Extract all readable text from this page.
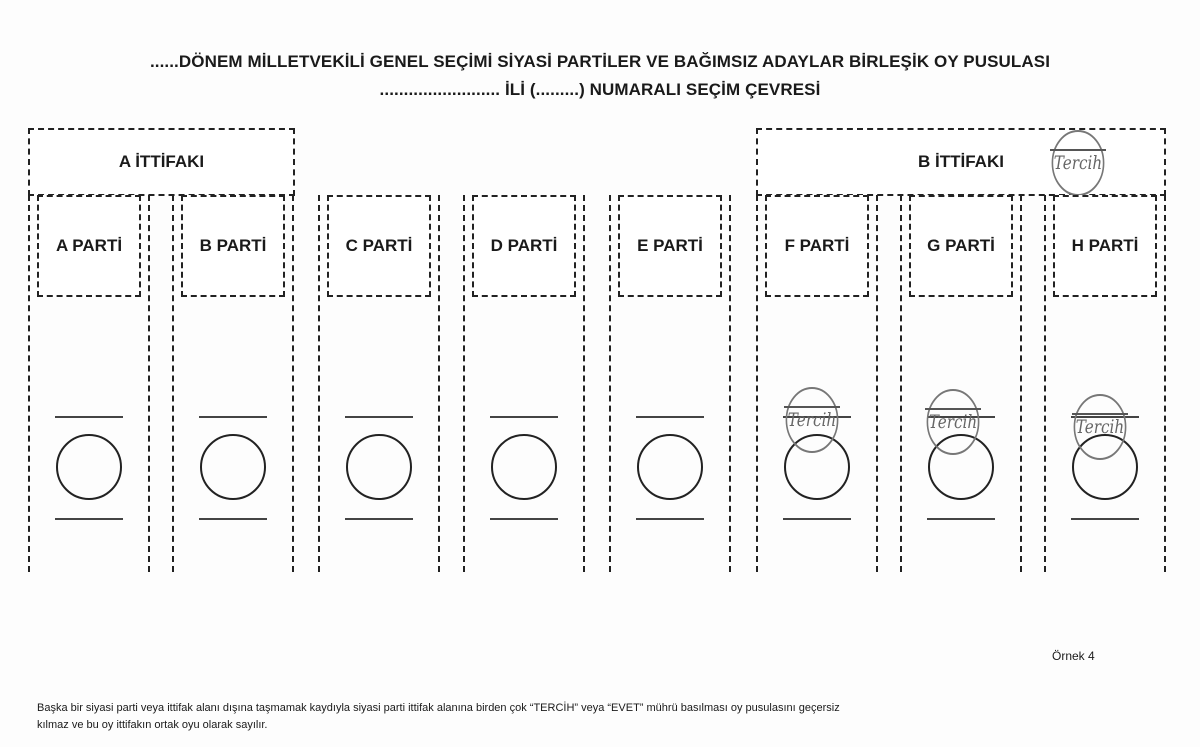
......DÖNEM MİLLETVEKİLİ GENEL SEÇİMİ SİYASİ PARTİLER VE BAĞIMSIZ ADAYLAR BİRLEŞİK OY PUSULASI
......................... İLİ (.........) NUMARALI SEÇİM ÇEVRESİ
A İTTİFAKI	B İTTİFAKI	Tercih
A PARTİ	B PARTİ	C PARTİ	D PARTİ	E PARTİ	F PARTİ
Tercih
G PARTİ
Tercih
H PARTİ
Tercih
Örnek 4
Başka bir siyasi parti veya ittifak alanı dışına taşmamak kaydıyla siyasi parti ittifak alanına birden çok “TERCİH” veya “EVET” mührü basılması oy pusulasını geçersiz
kılmaz ve bu oy ittifakın ortak oyu olarak sayılır.
